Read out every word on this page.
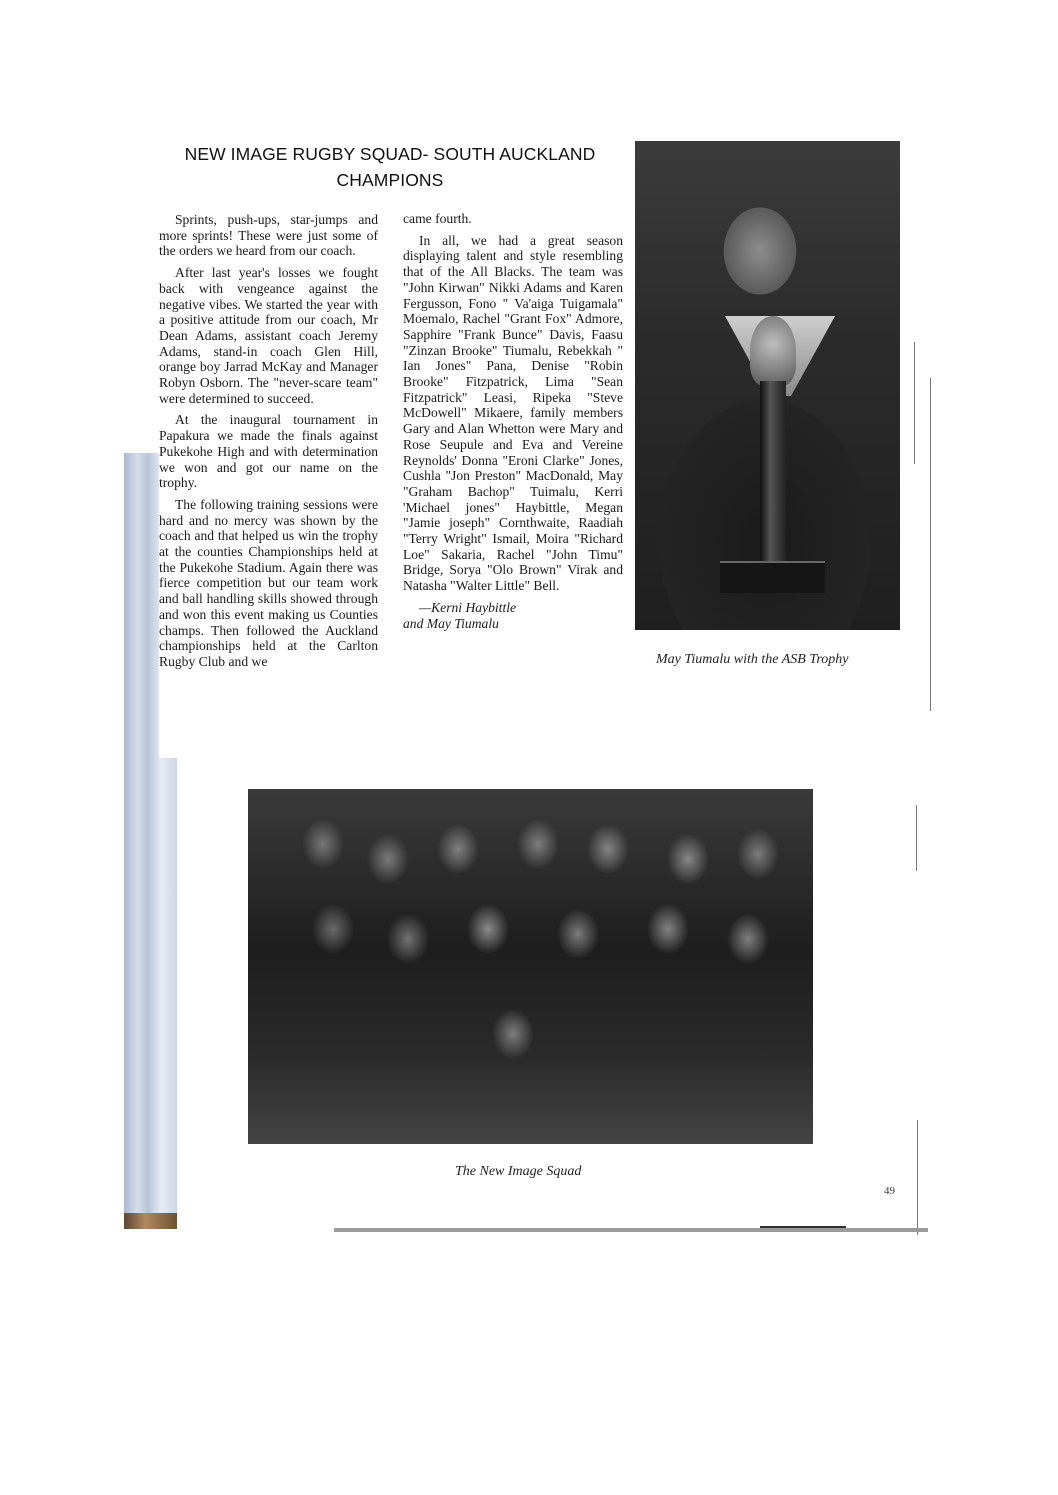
NEW IMAGE RUGBY SQUAD- SOUTH AUCKLAND
CHAMPIONS

Sprints, push-ups, star-jumps and more sprints! These were just some of the orders we heard from our coach.

After last year's losses we fought back with vengeance against the negative vibes. We started the year with a positive attitude from our coach, Mr Dean Adams, assistant coach Jeremy Adams, stand-in coach Glen Hill, orange boy Jarrad McKay and Manager Robyn Osborn. The "never-scare team" were determined to succeed.

At the inaugural tournament in Papakura we made the finals against Pukekohe High and with determination we won and got our name on the trophy.

The following training sessions were hard and no mercy was shown by the coach and that helped us win the trophy at the counties Championships held at the Pukekohe Stadium. Again there was fierce competition but our team work and ball handling skills showed through and won this event making us Counties champs. Then followed the Auckland championships held at the Carlton Rugby Club and we

came fourth.

In all, we had a great season displaying talent and style resembling that of the All Blacks. The team was "John Kirwan" Nikki Adams and Karen Fergusson, Fono " Va'aiga Tuigamala" Moemalo, Rachel "Grant Fox" Admore, Sapphire "Frank Bunce" Davis, Faasu "Zinzan Brooke" Tiumalu, Rebekkah " Ian Jones" Pana, Denise "Robin Brooke" Fitzpatrick, Lima "Sean Fitzpatrick" Leasi, Ripeka "Steve McDowell" Mikaere, family members Gary and Alan Whetton were Mary and Rose Seupule and Eva and Vereine Reynolds' Donna "Eroni Clarke" Jones, Cushla "Jon Preston" MacDonald, May "Graham Bachop" Tuimalu, Kerri 'Michael jones" Haybittle, Megan "Jamie joseph" Cornthwaite, Raadiah "Terry Wright" Ismail, Moira "Richard Loe" Sakaria, Rachel "John Timu" Bridge, Sorya "Olo Brown" Virak and Natasha "Walter Little" Bell.

—Kerni Haybittle
and May Tiumalu

May Tiumalu with the ASB Trophy
The New Image Squad
49
